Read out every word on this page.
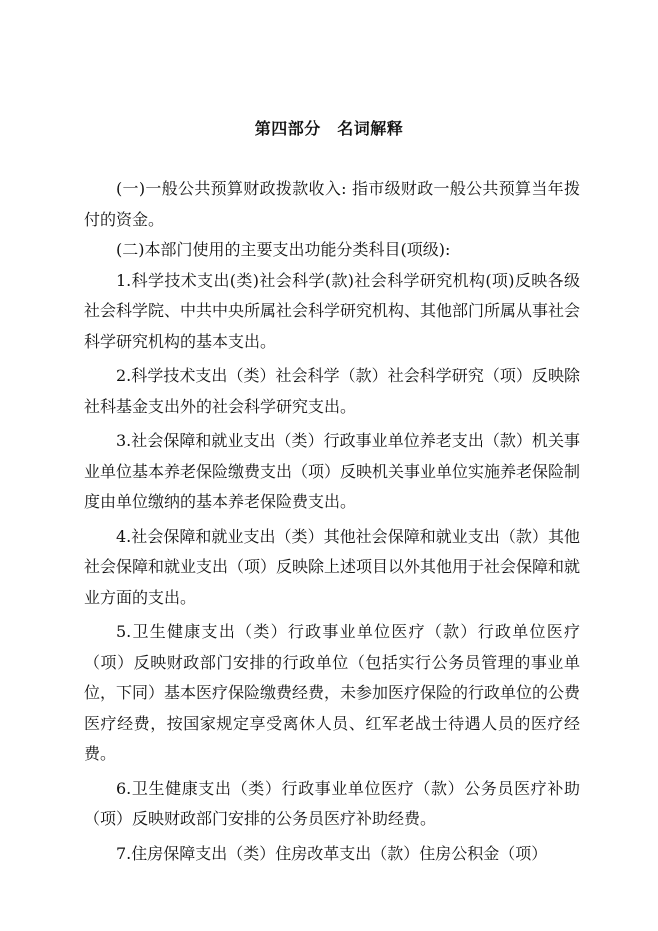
第四部分　名词解释

(一)一般公共预算财政拨款收入: 指市级财政一般公共预算当年拨付的资金。

(二)本部门使用的主要支出功能分类科目(项级):

1.科学技术支出(类)社会科学(款)社会科学研究机构(项)反映各级社会科学院、中共中央所属社会科学研究机构、其他部门所属从事社会科学研究机构的基本支出。

2.科学技术支出（类）社会科学（款）社会科学研究（项）反映除社科基金支出外的社会科学研究支出。

3.社会保障和就业支出（类）行政事业单位养老支出（款）机关事业单位基本养老保险缴费支出（项）反映机关事业单位实施养老保险制度由单位缴纳的基本养老保险费支出。

4.社会保障和就业支出（类）其他社会保障和就业支出（款）其他社会保障和就业支出（项）反映除上述项目以外其他用于社会保障和就业方面的支出。

5.卫生健康支出（类）行政事业单位医疗（款）行政单位医疗（项）反映财政部门安排的行政单位（包括实行公务员管理的事业单位，下同）基本医疗保险缴费经费，未参加医疗保险的行政单位的公费医疗经费，按国家规定享受离休人员、红军老战士待遇人员的医疗经费。

6.卫生健康支出（类）行政事业单位医疗（款）公务员医疗补助（项）反映财政部门安排的公务员医疗补助经费。

7.住房保障支出（类）住房改革支出（款）住房公积金（项）
